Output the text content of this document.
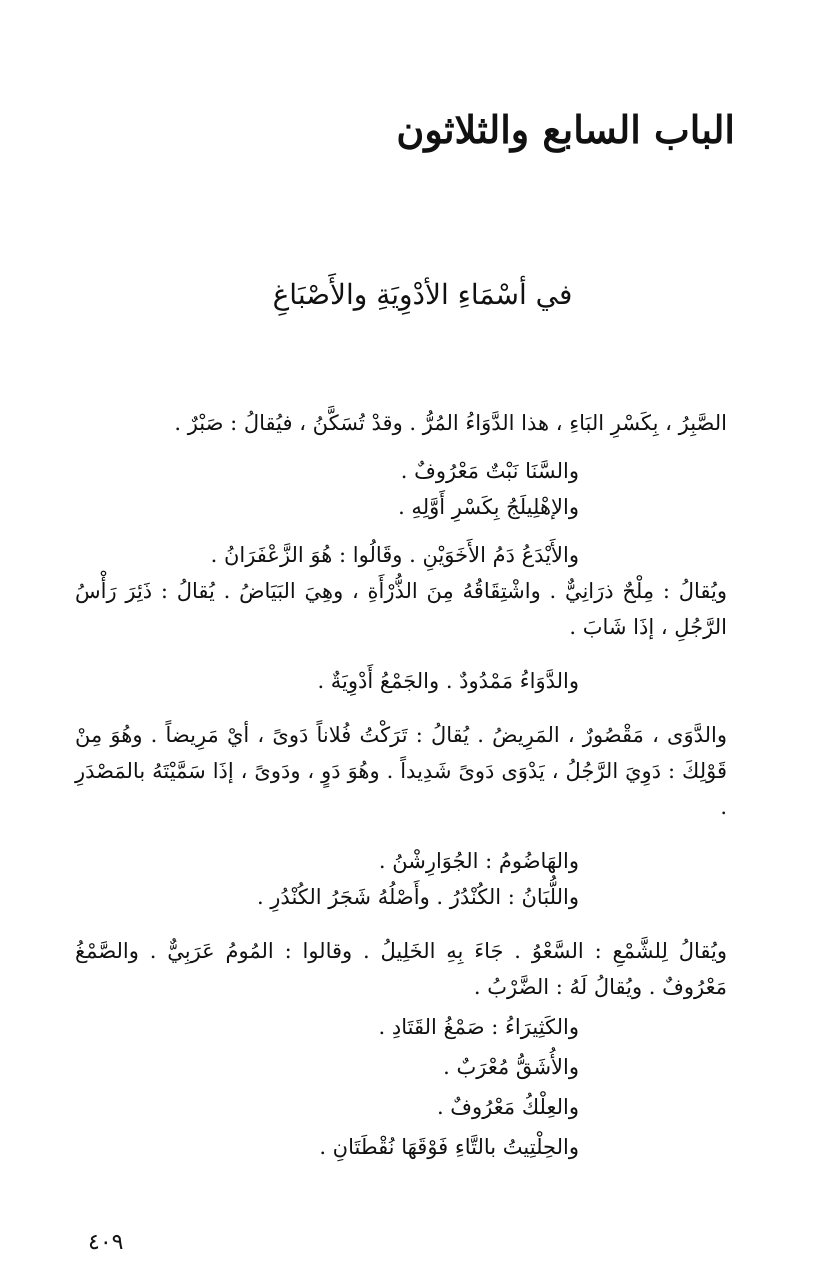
الباب السابع والثلاثون
في أسْمَاءِ الأدْوِيَةِ والأَصْبَاغِ

الصَّبِرُ ، بِكَسْرِ البَاءِ ، هذا الدَّوَاءُ المُرُّ . وقدْ تُسَكَّنُ ، فيُقالُ : صَبْرٌ .

والسَّنَا نَبْتٌ مَعْرُوفٌ .

والإهْلِيلَجُ بِكَسْرِ أَوَّلِهِ .

والأَيْدَعُ دَمُ الأَخَوَيْنِ . وقَالُوا : هُوَ الزَّعْفَرَانُ .

ويُقالُ : مِلْحٌ ذرَانِيٌّ . واشْتِقَاقُهُ مِنَ الذُّرْأَةِ ، وهِيَ البَيَاضُ . يُقالُ : ذَئِرَ رَأْسُ الرَّجُلِ ، إذَا شَابَ .

والدَّوَاءُ مَمْدُودٌ . والجَمْعُ أَدْوِيَةٌ .

والدَّوَى ، مَقْصُورٌ ، المَرِيضُ . يُقالُ : تَرَكْتُ فُلاناً دَوىً ، أيْ مَرِيضاً . وهُوَ مِنْ قَوْلِكَ : دَوِيَ الرَّجُلُ ، يَدْوَى دَوىً شَدِيداً . وهُوَ دَوٍ ، ودَوىً ، إذَا سَمَّيْتَهُ بالمَصْدَرِ .

والهَاضُومُ : الجُوَارِشْنُ .

واللُّبَانُ : الكُنْدُرُ . وأَصْلُهُ شَجَرُ الكُنْدُرِ .

ويُقالُ لِلشَّمْعِ : السَّعْوُ . جَاءَ بِهِ الخَلِيلُ . وقالوا : المُومُ عَرَبِيٌّ . والصَّمْغُ مَعْرُوفٌ . ويُقالُ لَهُ : الضَّرْبُ .

والكَثِيرَاءُ : صَمْغُ القَتَادِ .

والأُشَقُّ مُعْرَبٌ .

والعِلْكُ مَعْرُوفٌ .

والحِلْتِيتُ بالتَّاءِ فَوْقَهَا نُقْطَتَانِ .

٤٠٩
